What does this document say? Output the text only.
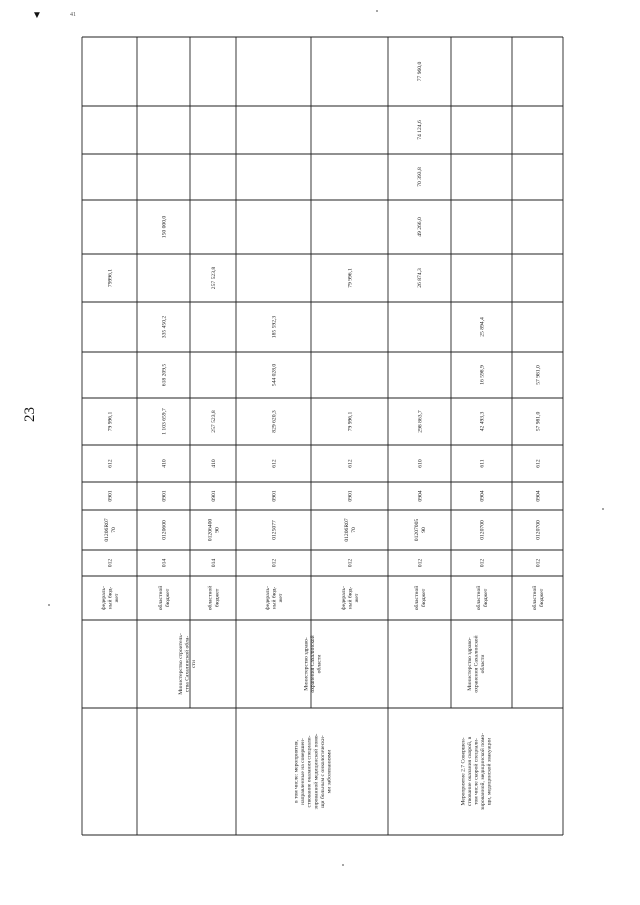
▼	41
23
федераль- ный бюд- жет
012
01206R07 70
0901
612
79 996,1
79996,1
Министерство строитель- ства Сахалинской обла- сти
областной бюджет
014
0120600
0901
410
1 103 659,7
618 209,5
335 450,2
150 000,0
областной бюджет
014
01206400 90
0901
410
257 523,8
257 523,8
в том числе: мероприятия, направленные на совершен- ствование оказания специали- зированной медицинской помо- щи больным с онкологически- ми заболеваниями
Министерство здраво- охранения Сахалинской области
федераль- ный бюд- жет
012
0125077
0901
612
829 620,3
544 028,0
185 592,3
федераль- ный бюд- жет
012
01206R07 70
0901
612
79 996,1
79 996,1
Мероприятие 2.7 Совершен- ствование оказания скорой, в том числе скорой специали- зированной, медицинской помо- щи, медицинской эвакуации
Министерство здраво- охранения Сахалинской области
областной бюджет
012
01207005 90
0904
610
298 863,7
областной бюджет
012
0120700
0904
611
42 493,3
16 598,9
25 894,4
областной бюджет
012
0120700
0904
612
57 981,0
57 981,0
26 874,3
49 266,0
70 393,8
74 124,6
77 960,0
